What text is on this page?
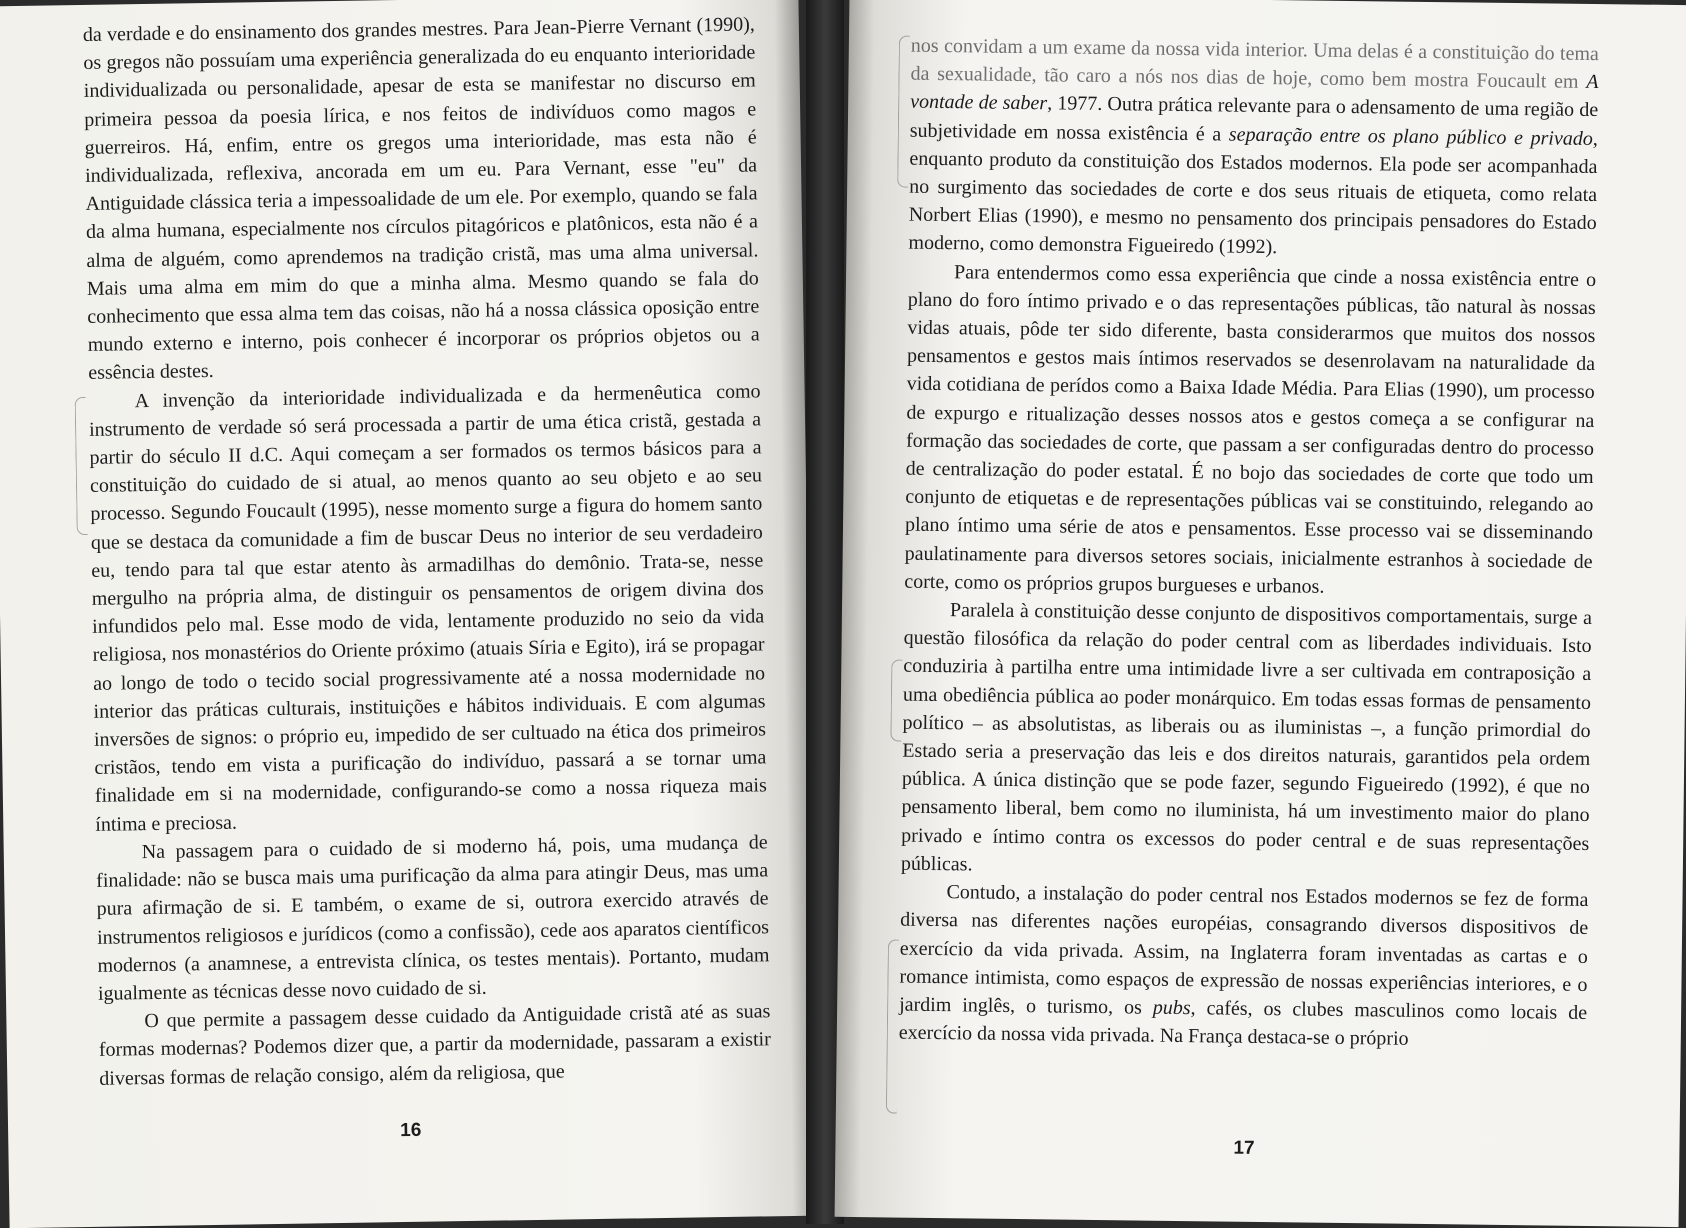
da verdade e do ensinamento dos grandes mestres. Para Jean-Pierre Vernant (1990), os gregos não possuíam uma experiência generalizada do eu enquanto interioridade individualizada ou personalidade, apesar de esta se manifestar no discurso em primeira pessoa da poesia lírica, e nos feitos de indivíduos como magos e guerreiros. Há, enfim, entre os gregos uma interioridade, mas esta não é individualizada, reflexiva, ancorada em um eu. Para Vernant, esse "eu" da Antiguidade clássica teria a impessoalidade de um ele. Por exemplo, quando se fala da alma humana, especialmente nos círculos pitagóricos e platônicos, esta não é a alma de alguém, como aprendemos na tradição cristã, mas uma alma universal. Mais uma alma em mim do que a minha alma. Mesmo quando se fala do conhecimento que essa alma tem das coisas, não há a nossa clássica oposição entre mundo externo e interno, pois conhecer é incorporar os próprios objetos ou a essência destes.

A invenção da interioridade individualizada e da hermenêutica como instrumento de verdade só será processada a partir de uma ética cristã, gestada a partir do século II d.C. Aqui começam a ser formados os termos básicos para a constituição do cuidado de si atual, ao menos quanto ao seu objeto e ao seu processo. Segundo Foucault (1995), nesse momento surge a figura do homem santo que se destaca da comunidade a fim de buscar Deus no interior de seu verdadeiro eu, tendo para tal que estar atento às armadilhas do demônio. Trata-se, nesse mergulho na própria alma, de distinguir os pensamentos de origem divina dos infundidos pelo mal. Esse modo de vida, lentamente produzido no seio da vida religiosa, nos monastérios do Oriente próximo (atuais Síria e Egito), irá se propagar ao longo de todo o tecido social progressivamente até a nossa modernidade no interior das práticas culturais, instituições e hábitos individuais. E com algumas inversões de signos: o próprio eu, impedido de ser cultuado na ética dos primeiros cristãos, tendo em vista a purificação do indivíduo, passará a se tornar uma finalidade em si na modernidade, configurando-se como a nossa riqueza mais íntima e preciosa.

Na passagem para o cuidado de si moderno há, pois, uma mudança de finalidade: não se busca mais uma purificação da alma para atingir Deus, mas uma pura afirmação de si. E também, o exame de si, outrora exercido através de instrumentos religiosos e jurídicos (como a confissão), cede aos aparatos científicos modernos (a anamnese, a entrevista clínica, os testes mentais). Portanto, mudam igualmente as técnicas desse novo cuidado de si.

O que permite a passagem desse cuidado da Antiguidade cristã até as suas formas modernas? Podemos dizer que, a partir da modernidade, passaram a existir diversas formas de relação consigo, além da religiosa, que

16

nos convidam a um exame da nossa vida interior. Uma delas é a constituição do tema da sexualidade, tão caro a nós nos dias de hoje, como bem mostra Foucault em A vontade de saber, 1977. Outra prática relevante para o adensamento de uma região de subjetividade em nossa existência é a separação entre os plano público e privado, enquanto produto da constituição dos Estados modernos. Ela pode ser acompanhada no surgimento das sociedades de corte e dos seus rituais de etiqueta, como relata Norbert Elias (1990), e mesmo no pensamento dos principais pensadores do Estado moderno, como demonstra Figueiredo (1992).

Para entendermos como essa experiência que cinde a nossa existência entre o plano do foro íntimo privado e o das representações públicas, tão natural às nossas vidas atuais, pôde ter sido diferente, basta considerarmos que muitos dos nossos pensamentos e gestos mais íntimos reservados se desenrolavam na naturalidade da vida cotidiana de perídos como a Baixa Idade Média. Para Elias (1990), um processo de expurgo e ritualização desses nossos atos e gestos começa a se configurar na formação das sociedades de corte, que passam a ser configuradas dentro do processo de centralização do poder estatal. É no bojo das sociedades de corte que todo um conjunto de etiquetas e de representações públicas vai se constituindo, relegando ao plano íntimo uma série de atos e pensamentos. Esse processo vai se disseminando paulatinamente para diversos setores sociais, inicialmente estranhos à sociedade de corte, como os próprios grupos burgueses e urbanos.

Paralela à constituição desse conjunto de dispositivos comportamentais, surge a questão filosófica da relação do poder central com as liberdades individuais. Isto conduziria à partilha entre uma intimidade livre a ser cultivada em contraposição a uma obediência pública ao poder monárquico. Em todas essas formas de pensamento político – as absolutistas, as liberais ou as iluministas –, a função primordial do Estado seria a preservação das leis e dos direitos naturais, garantidos pela ordem pública. A única distinção que se pode fazer, segundo Figueiredo (1992), é que no pensamento liberal, bem como no iluminista, há um investimento maior do plano privado e íntimo contra os excessos do poder central e de suas representações públicas.

Contudo, a instalação do poder central nos Estados modernos se fez de forma diversa nas diferentes nações européias, consagrando diversos dispositivos de exercício da vida privada. Assim, na Inglaterra foram inventadas as cartas e o romance intimista, como espaços de expressão de nossas experiências interiores, e o jardim inglês, o turismo, os pubs, cafés, os clubes masculinos como locais de exercício da nossa vida privada. Na França destaca-se o próprio

17
